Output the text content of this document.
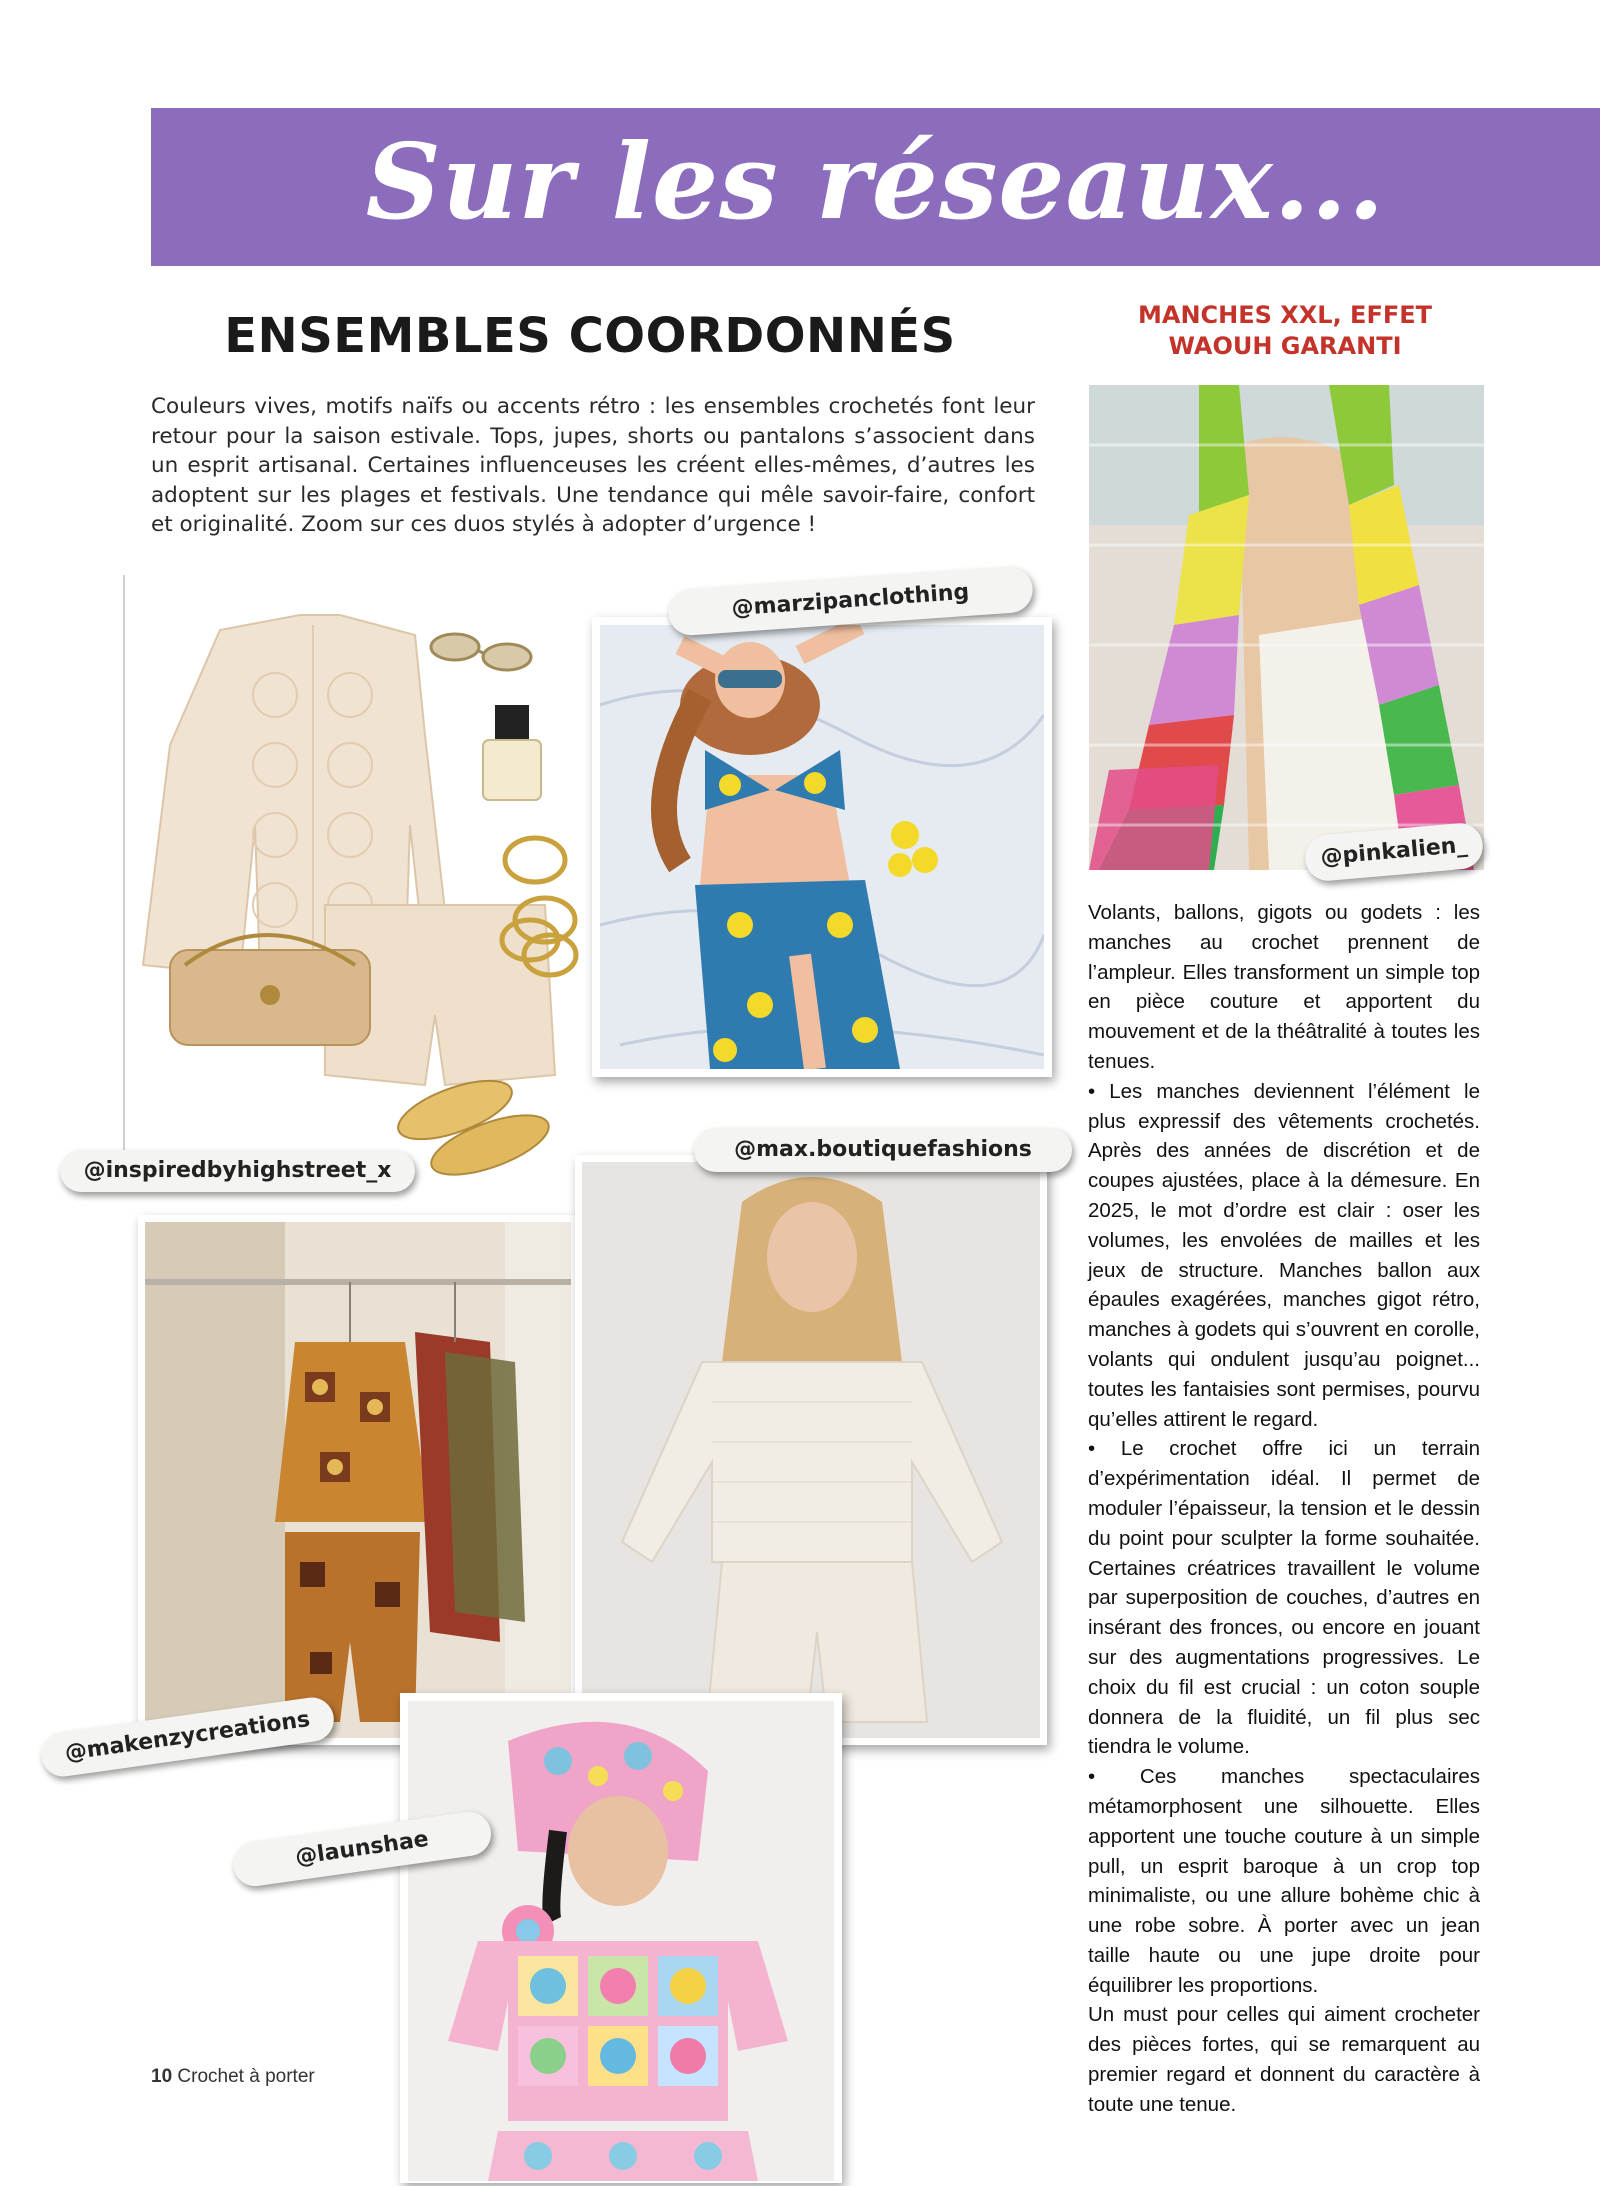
Sur les réseaux...
ENSEMBLES COORDONNÉS
Couleurs vives, motifs naïfs ou accents rétro : les ensembles crochetés font leur retour pour la saison estivale. Tops, jupes, shorts ou pantalons s’associent dans un esprit artisanal. Certaines influenceuses les créent elles-mêmes, d’autres les adoptent sur les plages et festivals. Une tendance qui mêle savoir-faire, confort et originalité. Zoom sur ces duos stylés à adopter d’urgence !
@marzipanclothing
@inspiredbyhighstreet_x
@max.boutiquefashions
@makenzycreations
@launshae
@pinkalien_
MANCHES XXL, EFFET WAOUH GARANTI

Volants, ballons, gigots ou godets : les manches au crochet prennent de l’ampleur. Elles transforment un simple top en pièce couture et apportent du mouvement et de la théâtralité à toutes les tenues.

• Les manches deviennent l’élément le plus expressif des vêtements crochetés. Après des années de discrétion et de coupes ajustées, place à la démesure. En 2025, le mot d’ordre est clair : oser les volumes, les envolées de mailles et les jeux de structure. Manches ballon aux épaules exagérées, manches gigot rétro, manches à godets qui s’ouvrent en corolle, volants qui ondulent jusqu’au poignet... toutes les fantaisies sont permises, pourvu qu’elles attirent le regard.

• Le crochet offre ici un terrain d’expérimentation idéal. Il permet de moduler l’épaisseur, la tension et le dessin du point pour sculpter la forme souhaitée. Certaines créatrices travaillent le volume par superposition de couches, d’autres en insérant des fronces, ou encore en jouant sur des augmentations progressives. Le choix du fil est crucial : un coton souple donnera de la fluidité, un fil plus sec tiendra le volume.

• Ces manches spectaculaires métamorphosent une silhouette. Elles apportent une touche couture à un simple pull, un esprit baroque à un crop top minimaliste, ou une allure bohème chic à une robe sobre. À porter avec un jean taille haute ou une jupe droite pour équilibrer les proportions.

Un must pour celles qui aiment crocheter des pièces fortes, qui se remarquent au premier regard et donnent du caractère à toute une tenue.

10 Crochet à porter
